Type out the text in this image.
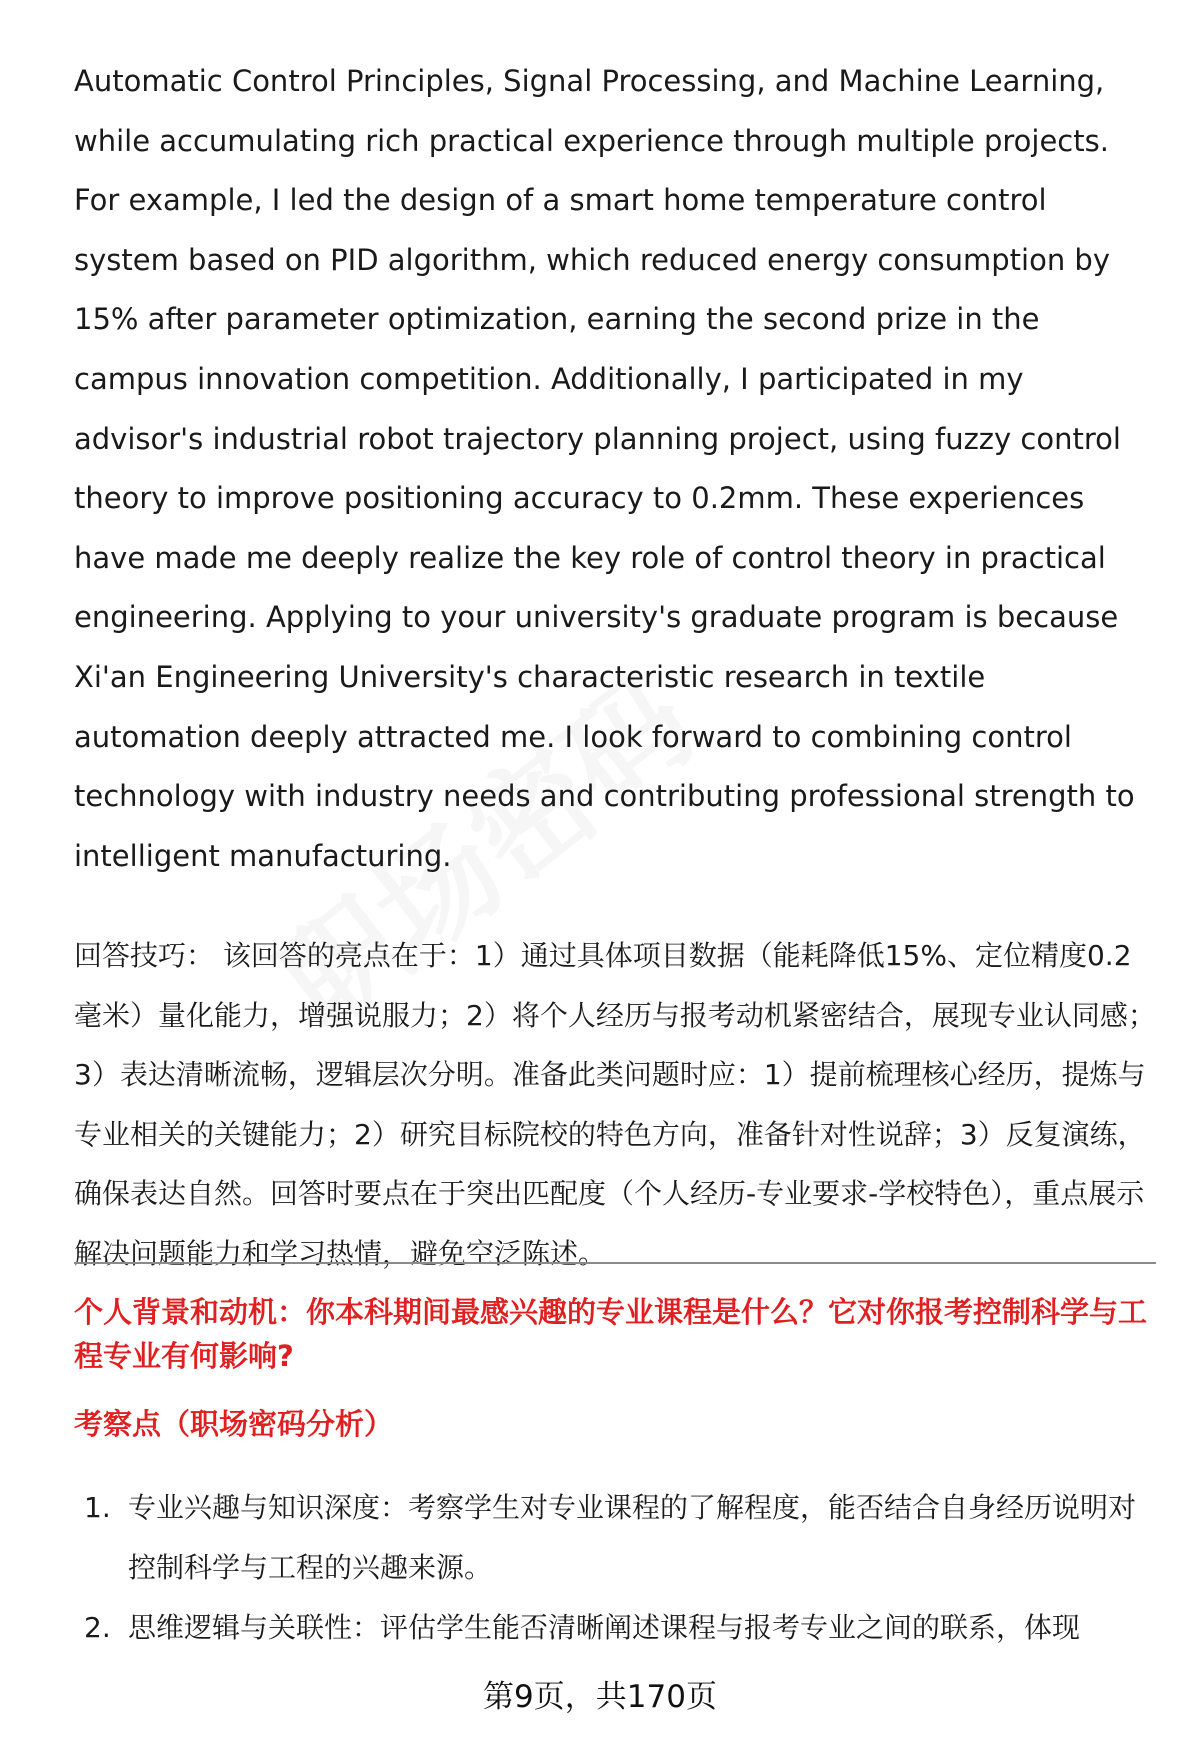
Automatic Control Principles, Signal Processing, and Machine Learning, while accumulating rich practical experience through multiple projects. For example, I led the design of a smart home temperature control system based on PID algorithm, which reduced energy consumption by 15% after parameter optimization, earning the second prize in the campus innovation competition. Additionally, I participated in my advisor's industrial robot trajectory planning project, using fuzzy control theory to improve positioning accuracy to 0.2mm. These experiences have made me deeply realize the key role of control theory in practical engineering. Applying to your university's graduate program is because Xi'an Engineering University's characteristic research in textile automation deeply attracted me. I look forward to combining control technology with industry needs and contributing professional strength to intelligent manufacturing.

回答技巧： 该回答的亮点在于：1）通过具体项目数据（能耗降低15%、定位精度0.2毫米）量化能力，增强说服力；2）将个人经历与报考动机紧密结合，展现专业认同感；3）表达清晰流畅，逻辑层次分明。准备此类问题时应：1）提前梳理核心经历，提炼与专业相关的关键能力；2）研究目标院校的特色方向，准备针对性说辞；3）反复演练，确保表达自然。回答时要点在于突出匹配度（个人经历-专业要求-学校特色），重点展示解决问题能力和学习热情，避免空泛陈述。

个人背景和动机：你本科期间最感兴趣的专业课程是什么？它对你报考控制科学与工程专业有何影响?
考察点（职场密码分析）
1. 专业兴趣与知识深度：考察学生对专业课程的了解程度，能否结合自身经历说明对控制科学与工程的兴趣来源。
2. 思维逻辑与关联性：评估学生能否清晰阐述课程与报考专业之间的联系，体现
第9页，共170页
